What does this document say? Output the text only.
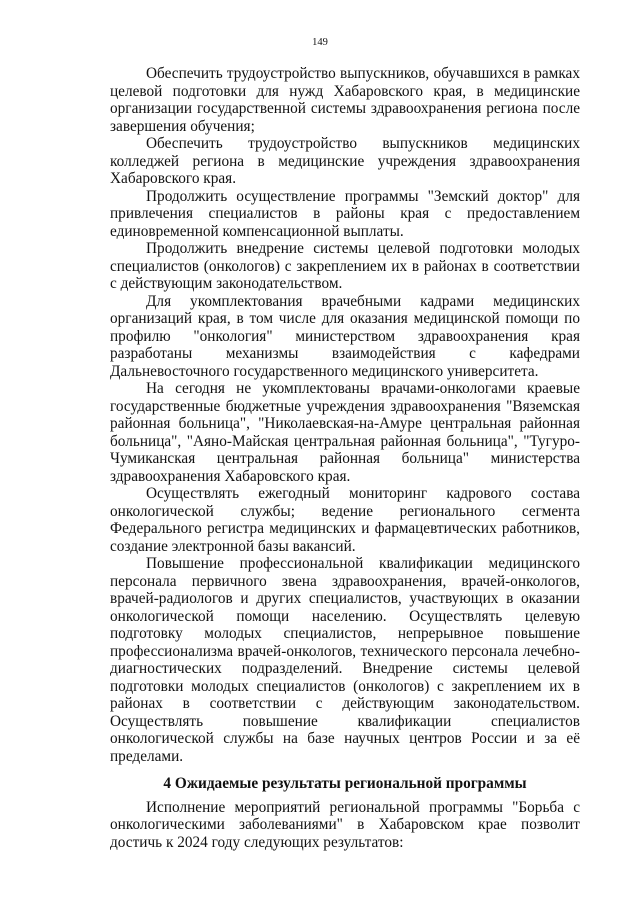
149

Обеспечить трудоустройство выпускников, обучавшихся в рамках целевой подготовки для нужд Хабаровского края, в медицинские организации государственной системы здравоохранения региона после завершения обучения;

Обеспечить трудоустройство выпускников медицинских колледжей региона в медицинские учреждения здравоохранения Хабаровского края.

Продолжить осуществление программы "Земский доктор" для привлечения специалистов в районы края с предоставлением единовременной компенсационной выплаты.

Продолжить внедрение системы целевой подготовки молодых специалистов (онкологов) с закреплением их в районах в соответствии с действующим законодательством.

Для укомплектования врачебными кадрами медицинских организаций края, в том числе для оказания медицинской помощи по профилю "онкология" министерством здравоохранения края разработаны механизмы взаимодействия с кафедрами Дальневосточного государственного медицинского университета.

На сегодня не укомплектованы врачами-онкологами краевые государственные бюджетные учреждения здравоохранения "Вяземская районная больница", "Николаевская-на-Амуре центральная районная больница", "Аяно-Майская центральная районная больница", "Тугуро-Чумиканская центральная районная больница" министерства здравоохранения Хабаровского края.

Осуществлять ежегодный мониторинг кадрового состава онкологической службы; ведение регионального сегмента Федерального регистра медицинских и фармацевтических работников, создание электронной базы вакансий.

Повышение профессиональной квалификации медицинского персонала первичного звена здравоохранения, врачей-онкологов, врачей-радиологов и других специалистов, участвующих в оказании онкологической помощи населению. Осуществлять целевую подготовку молодых специалистов, непрерывное повышение профессионализма врачей-онкологов, технического персонала лечебно-диагностических подразделений. Внедрение системы целевой подготовки молодых специалистов (онкологов) с закреплением их в районах в соответствии с действующим законодательством. Осуществлять повышение квалификации специалистов онкологической службы на базе научных центров России и за её пределами.

4 Ожидаемые результаты региональной программы

Исполнение мероприятий региональной программы "Борьба с онкологическими заболеваниями" в Хабаровском крае позволит достичь к 2024 году следующих результатов:
